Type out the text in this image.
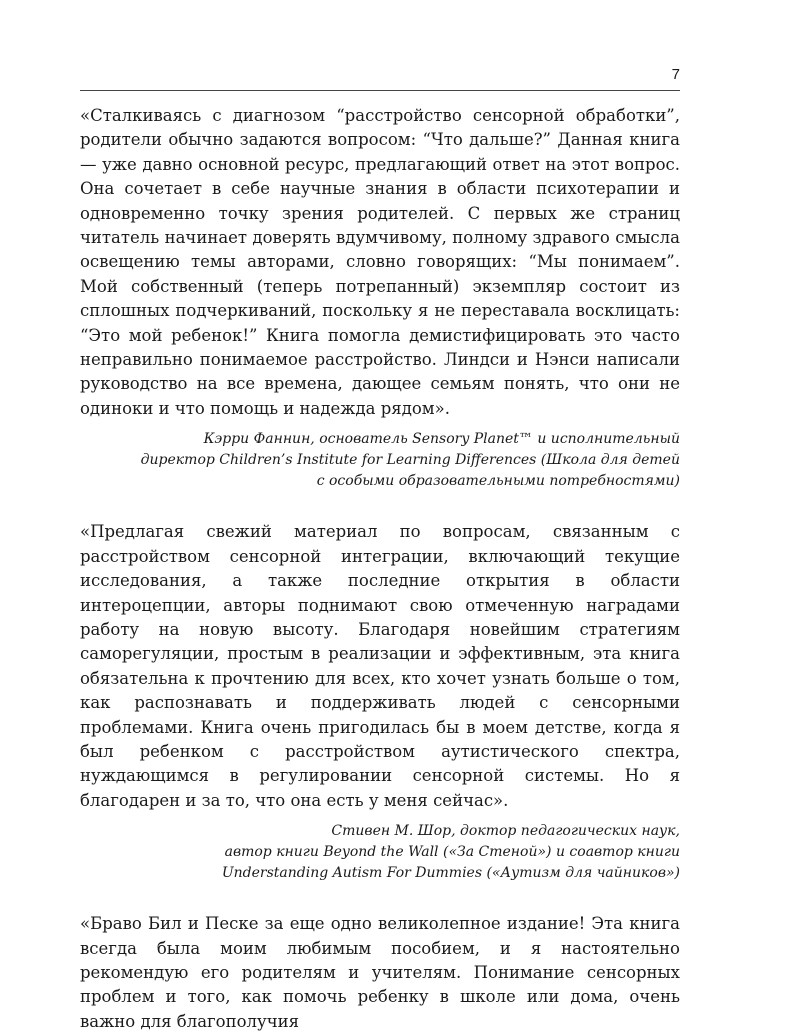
7

«Сталкиваясь с диагнозом “расстройство сенсорной обработки”, родители обычно задаются вопросом: “Что дальше?” Данная книга — уже давно основной ресурс, предлагающий ответ на этот вопрос. Она сочетает в себе научные знания в области психотерапии и одновременно точку зрения родителей. С первых же страниц читатель начинает доверять вдумчивому, полному здравого смысла освещению темы авторами, словно говорящих: “Мы понимаем”. Мой собственный (теперь потрепанный) экземпляр состоит из сплошных подчеркиваний, поскольку я не переставала восклицать: “Это мой ребенок!” Книга помогла демистифицировать это часто неправильно понимаемое расстройство. Линдси и Нэнси написали руководство на все времена, дающее семьям понять, что они не одиноки и что помощь и надежда рядом».

Кэрри Фаннин, основатель Sensory Planet™ и исполнительный
директор Children’s Institute for Learning Differences (Школа для детей
с особыми образовательными потребностями)

«Предлагая свежий материал по вопросам, связанным с расстройством сенсорной интеграции, включающий текущие исследования, а также последние открытия в области интероцепции, авторы поднимают свою отмеченную наградами работу на новую высоту. Благодаря новейшим стратегиям саморегуляции, простым в реализации и эффективным, эта книга обязательна к прочтению для всех, кто хочет узнать больше о том, как распознавать и поддерживать людей с сенсорными проблемами. Книга очень пригодилась бы в моем детстве, когда я был ребенком с расстройством аутистического спектра, нуждающимся в регулировании сенсорной системы. Но я благодарен и за то, что она есть у меня сейчас».

Стивен М. Шор, доктор педагогических наук,
автор книги Beyond the Wall («За Стеной») и соавтор книги
Understanding Autism For Dummies («Аутизм для чайников»)

«Браво Бил и Песке за еще одно великолепное издание! Эта книга всегда была моим любимым пособием, и я настоятельно рекомендую его родителям и учителям. Понимание сенсорных проблем и того, как помочь ребенку в школе или дома, очень важно для благополучия
